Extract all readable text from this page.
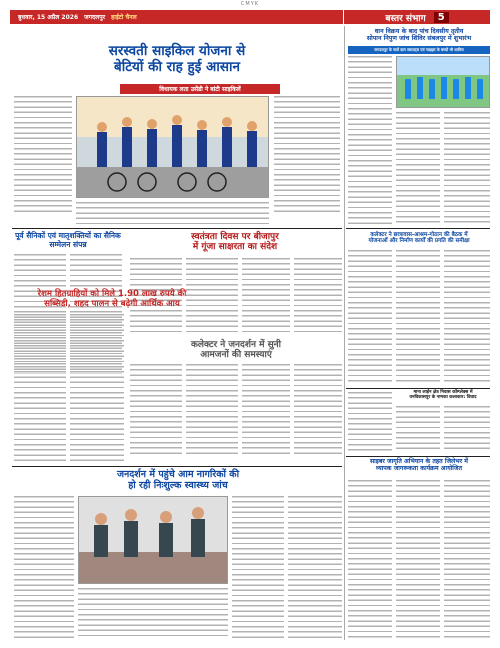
CMYK
बुधवार, 15 अप्रैल 2026 जगदलपुर हाईटो चैनल	बस्तर संभाग	5
सरस्वती साइकिल योजना से
बेटियों की राह हुई आसान
विधायक लता उसेंडी ने बांटी साइकिलें
पूर्व सैनिकों एवं मातृशक्तियों का सैनिक सम्मेलन संपन्न
स्वतंत्रता दिवस पर बीजापुर
में गूंजा साक्षरता का संदेश
रेशम हितग्राहियों को मिले 1.90 लाख रुपये की
सब्सिडी, शहद पालन से बढ़ेगी आर्थिक आय
कलेक्टर ने जनदर्शन में सुनी
आमजनों की समस्याएं
जनदर्शन में पहुंचे आम नागरिकों की
हो रही निःशुल्क स्वास्थ्य जांच
धान विक्रय के बाद पांच दिवसीय तृतीय
सोपान निपुण जांच शिविर संबलपुर में शुभारंभ
जगदलपुर के चारों ग्राम स्काउट्स एवं गाइड्स के बच्चों भी शामिल
कलेक्टर ने छात्रावास-आश्रम-गोठान की बैठक में
योजनाओं और निर्माण कार्यों की प्रगति की समीक्षा
माना लाईन क्षेत्र निवास कॉम्प्लेक्स में
वनविकासपुर के नामका कलाकार: विवाद
साइबर जागृति अभियान के तहत जिलेभर में
व्यापक जागरूकता कार्यक्रम आयोजित
